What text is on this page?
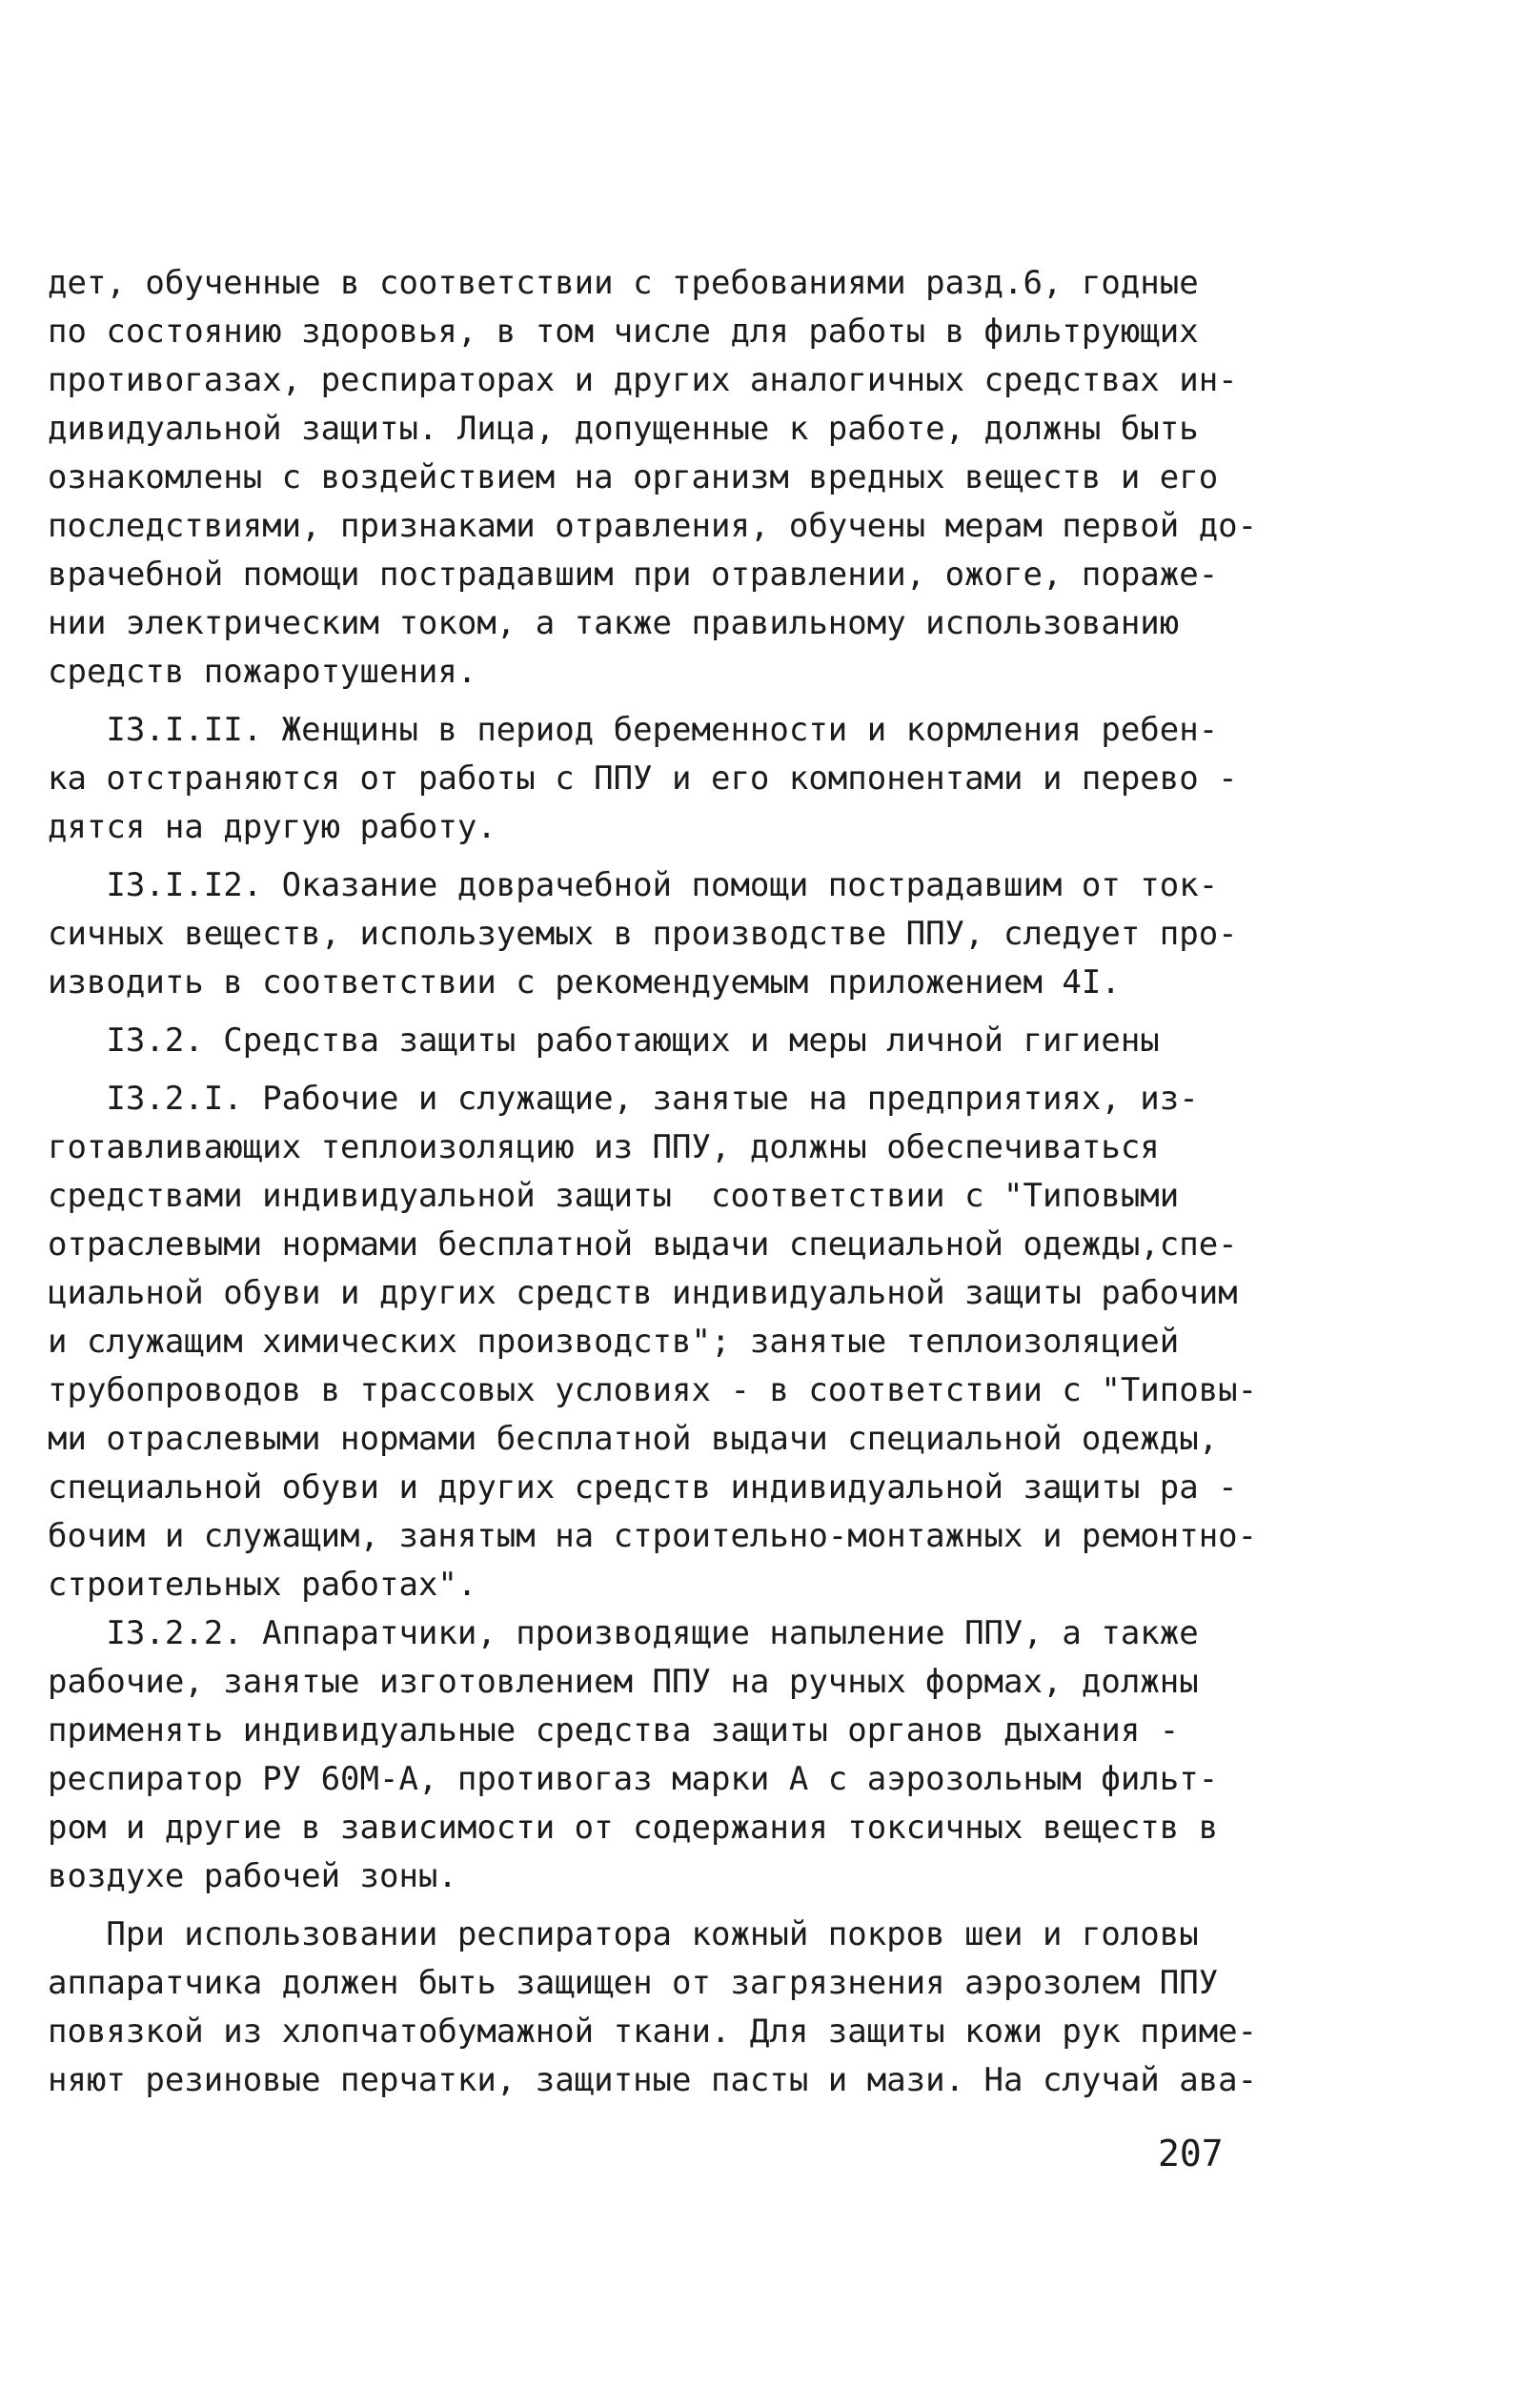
дет, обученные в соответствии с требованиями разд.6, годные
по состоянию здоровья, в том числе для работы в фильтрующих
противогазах, респираторах и других аналогичных средствах ин-
дивидуальной защиты. Лица, допущенные к работе, должны быть
ознакомлены с воздействием на организм вредных веществ и его
последствиями, признаками отравления, обучены мерам первой до-
врачебной помощи пострадавшим при отравлении, ожоге, пораже-
нии электрическим током, а также правильному использованию
средств пожаротушения.
I3.I.II. Женщины в период беременности и кормления ребен-
ка отстраняются от работы с ППУ и его компонентами и перево -
дятся на другую работу.
I3.I.I2. Оказание доврачебной помощи пострадавшим от ток-
сичных веществ, используемых в производстве ППУ, следует про-
изводить в соответствии с рекомендуемым приложением 4I.
I3.2. Средства защиты работающих и меры личной гигиены
I3.2.I. Рабочие и служащие, занятые на предприятиях, из-
готавливающих теплоизоляцию из ППУ, должны обеспечиваться
средствами индивидуальной защиты  соответствии с "Типовыми
отраслевыми нормами бесплатной выдачи специальной одежды,спе-
циальной обуви и других средств индивидуальной защиты рабочим
и служащим химических производств"; занятые теплоизоляцией
трубопроводов в трассовых условиях - в соответствии с "Типовы-
ми отраслевыми нормами бесплатной выдачи специальной одежды,
специальной обуви и других средств индивидуальной защиты ра -
бочим и служащим, занятым на строительно-монтажных и ремонтно-
строительных работах".
I3.2.2. Аппаратчики, производящие напыление ППУ, а также
рабочие, занятые изготовлением ППУ на ручных формах, должны
применять индивидуальные средства защиты органов дыхания -
респиратор РУ 60М-А, противогаз марки А с аэрозольным фильт-
ром и другие в зависимости от содержания токсичных веществ в
воздухе рабочей зоны.
При использовании респиратора кожный покров шеи и головы
аппаратчика должен быть защищен от загрязнения аэрозолем ППУ
повязкой из хлопчатобумажной ткани. Для защиты кожи рук приме-
няют резиновые перчатки, защитные пасты и мази. На случай ава-
207
